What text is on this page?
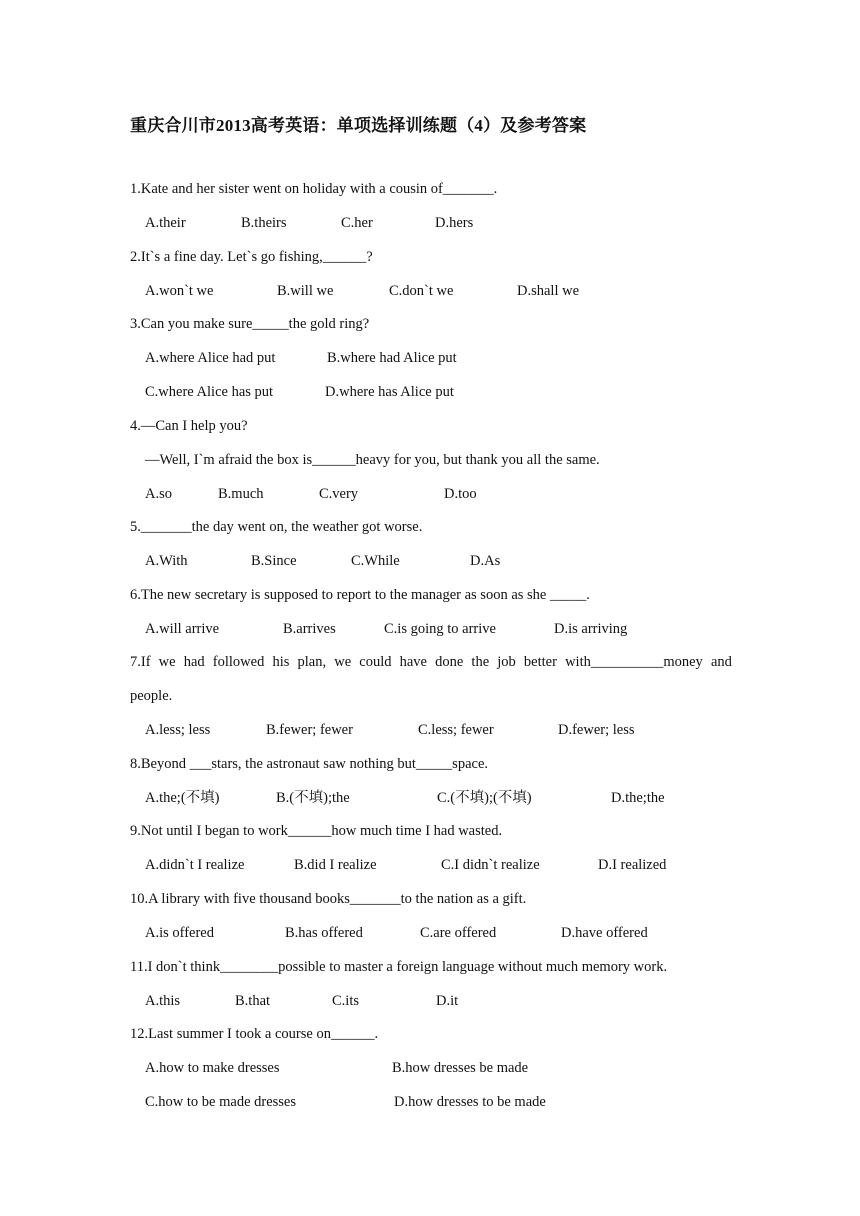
重庆合川市2013高考英语：单项选择训练题（4）及参考答案
1.Kate and her sister went on holiday with a cousin of_______.
A.their	B.theirs	C.her	D.hers
2.It`s a fine day. Let`s go fishing,______?
A.won`t we	B.will we	C.don`t we	D.shall we
3.Can you make sure_____the gold ring?
A.where Alice had put	B.where had Alice put
C.where Alice has put	D.where has Alice put
4.—Can I help you?
—Well, I`m afraid the box is______heavy for you, but thank you all the same.
A.so	B.much	C.very	D.too
5._______the day went on, the weather got worse.
A.With	B.Since	C.While	D.As
6.The new secretary is supposed to report to the manager as soon as she _____.
A.will arrive	B.arrives	C.is going to arrive	D.is arriving
7.If we had followed his plan, we could have done the job better with__________money and
people.
A.less; less	B.fewer; fewer	C.less; fewer	D.fewer; less
8.Beyond ___stars, the astronaut saw nothing but_____space.
A.the;(不填)	B.(不填);the	C.(不填);(不填)	D.the;the
9.Not until I began to work______how much time I had wasted.
A.didn`t I realize	B.did I realize	C.I didn`t realize	D.I realized
10.A library with five thousand books_______to the nation as a gift.
A.is offered	B.has offered	C.are offered	D.have offered
11.I don`t think________possible to master a foreign language without much memory work.
A.this	B.that	C.its	D.it
12.Last summer I took a course on______.
A.how to make dresses	B.how dresses be made
C.how to be made dresses	D.how dresses to be made
